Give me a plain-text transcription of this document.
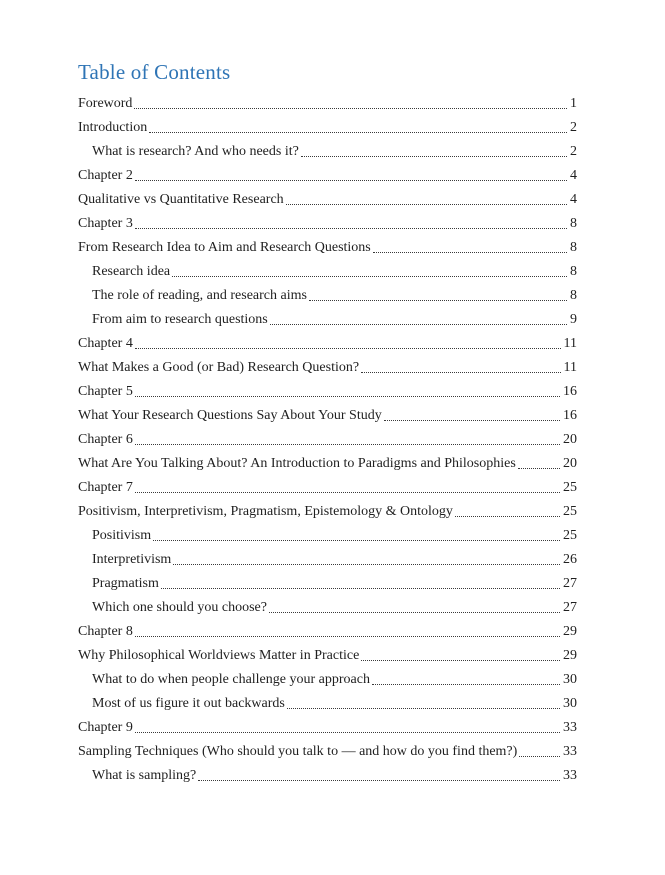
Table of Contents
Foreword	1
Introduction	2
What is research? And who needs it?	2
Chapter 2	4
Qualitative vs Quantitative Research	4
Chapter 3	8
From Research Idea to Aim and Research Questions	8
Research idea	8
The role of reading, and research aims	8
From aim to research questions	9
Chapter 4	11
What Makes a Good (or Bad) Research Question?	11
Chapter 5	16
What Your Research Questions Say About Your Study	16
Chapter 6	20
What Are You Talking About? An Introduction to Paradigms and Philosophies	20
Chapter 7	25
Positivism, Interpretivism, Pragmatism, Epistemology & Ontology	25
Positivism	25
Interpretivism	26
Pragmatism	27
Which one should you choose?	27
Chapter 8	29
Why Philosophical Worldviews Matter in Practice	29
What to do when people challenge your approach	30
Most of us figure it out backwards	30
Chapter 9	33
Sampling Techniques (Who should you talk to — and how do you find them?)	33
What is sampling?	33
